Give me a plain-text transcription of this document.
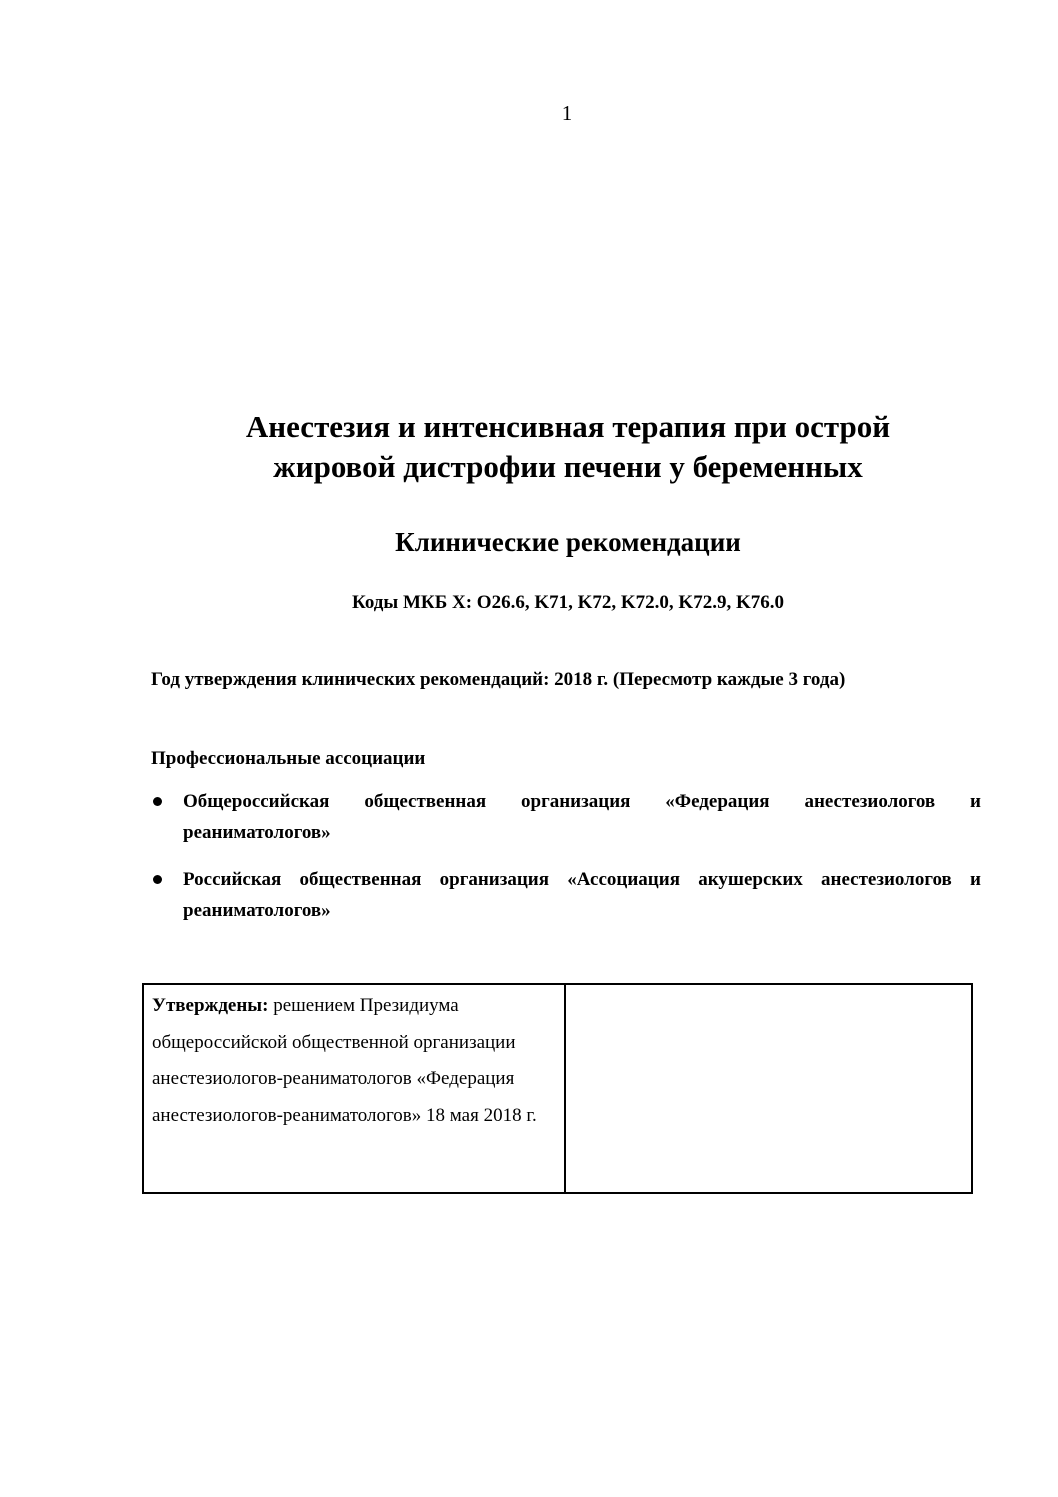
1
Анестезия и интенсивная терапия при острой
жировой дистрофии печени у беременных
Клинические рекомендации
Коды МКБ X: O26.6, K71, K72, K72.0, K72.9, K76.0
Год утверждения клинических рекомендаций: 2018 г. (Пересмотр каждые 3 года)
Профессиональные ассоциации
Общероссийская общественная организация «Федерация анестезиологов и реаниматологов»
Российская общественная организация «Ассоциация акушерских анестезиологов и реаниматологов»
Утверждены: решением Президиума общероссийской общественной организации анестезиологов-реаниматологов «Федерация анестезиологов-реаниматологов» 18 мая 2018 г.
